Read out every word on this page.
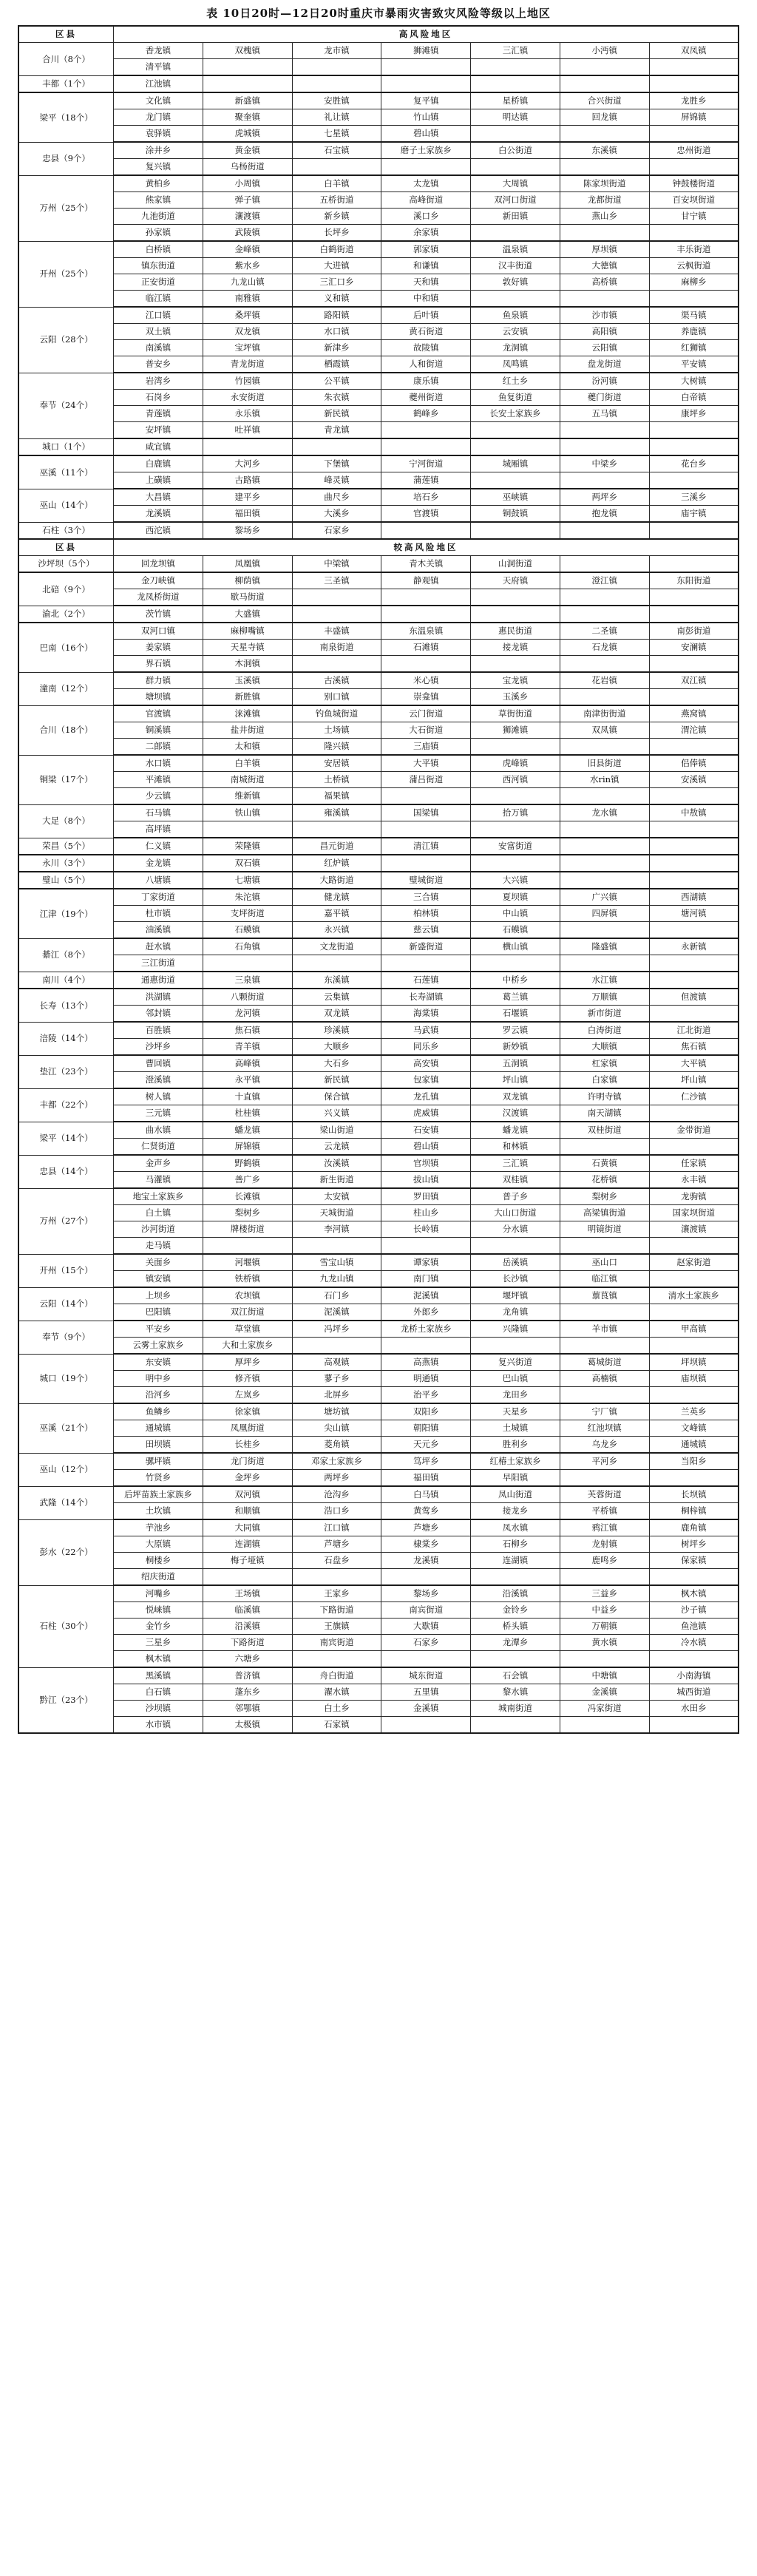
表 10日20时—12日20时重庆市暴雨灾害致灾风险等级以上地区
区县	高风险地区						
合川（8个）	香龙镇	双槐镇	龙市镇	狮滩镇	三汇镇	小沔镇	双凤镇
	清平镇						
丰都（1个）	江池镇						
梁平（18个）	文化镇	新盛镇	安胜镇	复平镇	星桥镇	合兴街道	龙胜乡
	龙门镇	聚奎镇	礼让镇	竹山镇	明达镇	回龙镇	屏锦镇
	袁驿镇	虎城镇	七星镇	碧山镇			
忠县（9个）	涂井乡	黄金镇	石宝镇	磨子土家族乡	白公街道	东溪镇	忠州街道
	复兴镇	乌杨街道					
万州（25个）	黄柏乡	小周镇	白羊镇	太龙镇	大周镇	陈家坝街道	钟鼓楼街道
	熊家镇	弹子镇	五桥街道	高峰街道	双河口街道	龙都街道	百安坝街道
	九池街道	瀼渡镇	新乡镇	溪口乡	新田镇	燕山乡	甘宁镇
	孙家镇	武陵镇	长坪乡	余家镇			
开州（25个）	白桥镇	金峰镇	白鹤街道	郭家镇	温泉镇	厚坝镇	丰乐街道
	镇东街道	紫水乡	大进镇	和谦镇	汉丰街道	大德镇	云枫街道
	正安街道	九龙山镇	三汇口乡	天和镇	敦好镇	高桥镇	麻柳乡
	临江镇	南雅镇	义和镇	中和镇			
云阳（28个）	江口镇	桑坪镇	路阳镇	后叶镇	鱼泉镇	沙市镇	渠马镇
	双土镇	双龙镇	水口镇	黄石街道	云安镇	高阳镇	养鹿镇
	南溪镇	宝坪镇	新津乡	故陵镇	龙洞镇	云阳镇	红狮镇
	普安乡	青龙街道	栖霞镇	人和街道	凤鸣镇	盘龙街道	平安镇
奉节（24个）	岩湾乡	竹园镇	公平镇	康乐镇	红土乡	汾河镇	大树镇
	石岗乡	永安街道	朱衣镇	夔州街道	鱼复街道	夔门街道	白帝镇
	青莲镇	永乐镇	新民镇	鹤峰乡	长安土家族乡	五马镇	康坪乡
	安坪镇	吐祥镇	青龙镇				
城口（1个）	咸宜镇						
巫溪（11个）	白鹿镇	大河乡	下堡镇	宁河街道	城厢镇	中梁乡	花台乡
	上磺镇	古路镇	峰灵镇	蒲莲镇			
巫山（14个）	大昌镇	建平乡	曲尺乡	培石乡	巫峡镇	两坪乡	三溪乡
	龙溪镇	福田镇	大溪乡	官渡镇	铜鼓镇	抱龙镇	庙宇镇
石柱（3个）	西沱镇	黎场乡	石家乡				
区县	较高风险地区						
沙坪坝（5个）	回龙坝镇	凤凰镇	中梁镇	青木关镇	山洞街道		
北碚（9个）	金刀峡镇	柳荫镇	三圣镇	静观镇	天府镇	澄江镇	东阳街道
	龙凤桥街道	歇马街道					
渝北（2个）	茨竹镇	大盛镇					
巴南（16个）	双河口镇	麻柳嘴镇	丰盛镇	东温泉镇	惠民街道	二圣镇	南彭街道
	姜家镇	天星寺镇	南泉街道	石滩镇	接龙镇	石龙镇	安澜镇
	界石镇	木洞镇					
潼南（12个）	群力镇	玉溪镇	古溪镇	米心镇	宝龙镇	花岩镇	双江镇
	塘坝镇	新胜镇	别口镇	崇龛镇	玉溪乡		
合川（18个）	官渡镇	涞滩镇	钓鱼城街道	云门街道	草街街道	南津街街道	燕窝镇
	铜溪镇	盐井街道	土场镇	大石街道	狮滩镇	双凤镇	渭沱镇
	二郎镇	太和镇	隆兴镇	三庙镇			
铜梁（17个）	水口镇	白羊镇	安居镇	大平镇	虎峰镇	旧县街道	侣俸镇
	平滩镇	南城街道	土桥镇	蒲吕街道	西河镇	水rin镇	安溪镇
	少云镇	维新镇	福果镇				
大足（8个）	石马镇	铁山镇	雍溪镇	国梁镇	拾万镇	龙水镇	中敖镇
	高坪镇						
荣昌（5个）	仁义镇	荣隆镇	昌元街道	清江镇	安富街道		
永川（3个）	金龙镇	双石镇	红炉镇				
璧山（5个）	八塘镇	七塘镇	大路街道	璧城街道	大兴镇		
江津（19个）	丁家街道	朱沱镇	健龙镇	三合镇	夏坝镇	广兴镇	西湖镇
	杜市镇	支坪街道	嘉平镇	柏林镇	中山镇	四屏镇	塘河镇
	油溪镇	石蟆镇	永兴镇	慈云镇	石蟆镇		
綦江（8个）	赶水镇	石角镇	文龙街道	新盛街道	横山镇	隆盛镇	永新镇
	三江街道						
南川（4个）	通惠街道	三泉镇	东溪镇	石莲镇	中桥乡	水江镇	
长寿（13个）	洪湖镇	八颗街道	云集镇	长寿湖镇	葛兰镇	万顺镇	但渡镇
	邻封镇	龙河镇	双龙镇	海棠镇	石堰镇	新市街道	
涪陵（14个）	百胜镇	焦石镇	珍溪镇	马武镇	罗云镇	白涛街道	江北街道
	沙坪乡	青羊镇	大顺乡	同乐乡	新妙镇	大顺镇	焦石镇
垫江（23个）	曹回镇	高峰镇	大石乡	高安镇	五洞镇	杠家镇	大平镇
	澄溪镇	永平镇	新民镇	包家镇	坪山镇	白家镇	坪山镇
丰都（22个）	树人镇	十直镇	保合镇	龙孔镇	双龙镇	许明寺镇	仁沙镇
	三元镇	杜桂镇	兴义镇	虎威镇	汉渡镇	南天湖镇	
梁平（14个）	曲水镇	蟠龙镇	梁山街道	石安镇	蟠龙镇	双桂街道	金带街道
	仁贤街道	屏锦镇	云龙镇	碧山镇	和林镇		
忠县（14个）	金声乡	野鹤镇	汝溪镇	官坝镇	三汇镇	石黄镇	任家镇
	马灌镇	善广乡	新生街道	拔山镇	双桂镇	花桥镇	永丰镇
万州（27个）	地宝土家族乡	长滩镇	太安镇	罗田镇	普子乡	梨树乡	龙驹镇
	白土镇	梨树乡	天城街道	柱山乡	大山口街道	高梁镇街道	国家坝街道
	沙河街道	牌楼街道	李河镇	长岭镇	分水镇	明镜街道	瀼渡镇
	走马镇						
开州（15个）	关面乡	河堰镇	雪宝山镇	谭家镇	岳溪镇	巫山口	赵家街道
	镇安镇	铁桥镇	九龙山镇	南门镇	长沙镇	临江镇	
云阳（14个）	上坝乡	农坝镇	石门乡	泥溪镇	堰坪镇	蔈茛镇	清水土家族乡
	巴阳镇	双江街道	泥溪镇	外郎乡	龙角镇		
奉节（9个）	平安乡	草堂镇	冯坪乡	龙桥土家族乡	兴隆镇	羊市镇	甲高镇
	云雾土家族乡	大和土家族乡					
城口（19个）	东安镇	厚坪乡	高观镇	高燕镇	复兴街道	葛城街道	坪坝镇
	明中乡	修齐镇	蓼子乡	明通镇	巴山镇	高楠镇	庙坝镇
	沿河乡	左岚乡	北屏乡	治平乡	龙田乡		
巫溪（21个）	鱼鳞乡	徐家镇	塘坊镇	双阳乡	天星乡	宁厂镇	兰英乡
	通城镇	凤凰街道	尖山镇	朝阳镇	土城镇	红池坝镇	文峰镇
	田坝镇	长桂乡	菱角镇	天元乡	胜利乡	乌龙乡	通城镇
巫山（12个）	骡坪镇	龙门街道	邓家土家族乡	笃坪乡	红椿土家族乡	平河乡	当阳乡
	竹贤乡	金坪乡	两坪乡	福田镇	早阳镇		
武隆（14个）	后坪苗族土家族乡	双河镇	沧沟乡	白马镇	凤山街道	芙蓉街道	长坝镇
	土坎镇	和顺镇	浩口乡	黄莺乡	接龙乡	平桥镇	桐梓镇
彭水（22个）	芋池乡	大同镇	江口镇	芦塘乡	凤水镇	鸦江镇	鹿角镇
	大原镇	连湖镇	芦塘乡	棣棠乡	石柳乡	龙射镇	树坪乡
	桐楼乡	梅子垭镇	石盘乡	龙溪镇	连湖镇	鹿鸣乡	保家镇
	绍庆街道						
石柱（30个）	河嘴乡	王场镇	王家乡	黎场乡	沿溪镇	三益乡	枫木镇
	悦崃镇	临溪镇	下路街道	南宾街道	金铃乡	中益乡	沙子镇
	金竹乡	沿溪镇	王旗镇	大歇镇	桥头镇	万朝镇	鱼池镇
	三星乡	下路街道	南宾街道	石家乡	龙潭乡	黄水镇	冷水镇
	枫木镇	六塘乡					
黔江（23个）	黑溪镇	普济镇	舟白街道	城东街道	石会镇	中塘镇	小南海镇
	白石镇	蓬东乡	濯水镇	五里镇	黎水镇	金溪镇	城西街道
	沙坝镇	邻鄂镇	白土乡	金溪镇	城南街道	冯家街道	水田乡
	水市镇	太极镇	石家镇				
